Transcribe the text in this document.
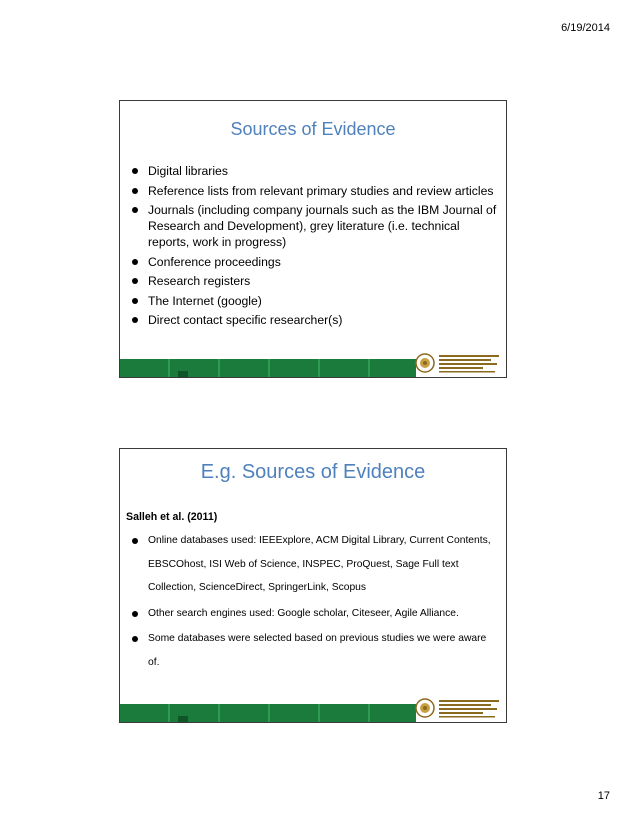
6/19/2014
Sources of Evidence
Digital libraries
Reference lists from relevant primary studies and review articles
Journals (including company journals such as the IBM Journal of Research and Development), grey literature (i.e. technical reports, work in progress)
Conference proceedings
Research registers
The Internet (google)
Direct contact specific researcher(s)
E.g. Sources of Evidence
Salleh et al. (2011)
Online databases used: IEEExplore, ACM Digital Library, Current Contents, EBSCOhost, ISI Web of Science, INSPEC, ProQuest, Sage Full text Collection, ScienceDirect, SpringerLink, Scopus
Other search engines used: Google scholar, Citeseer, Agile Alliance.
Some databases were selected based on previous studies we were aware of.
17
